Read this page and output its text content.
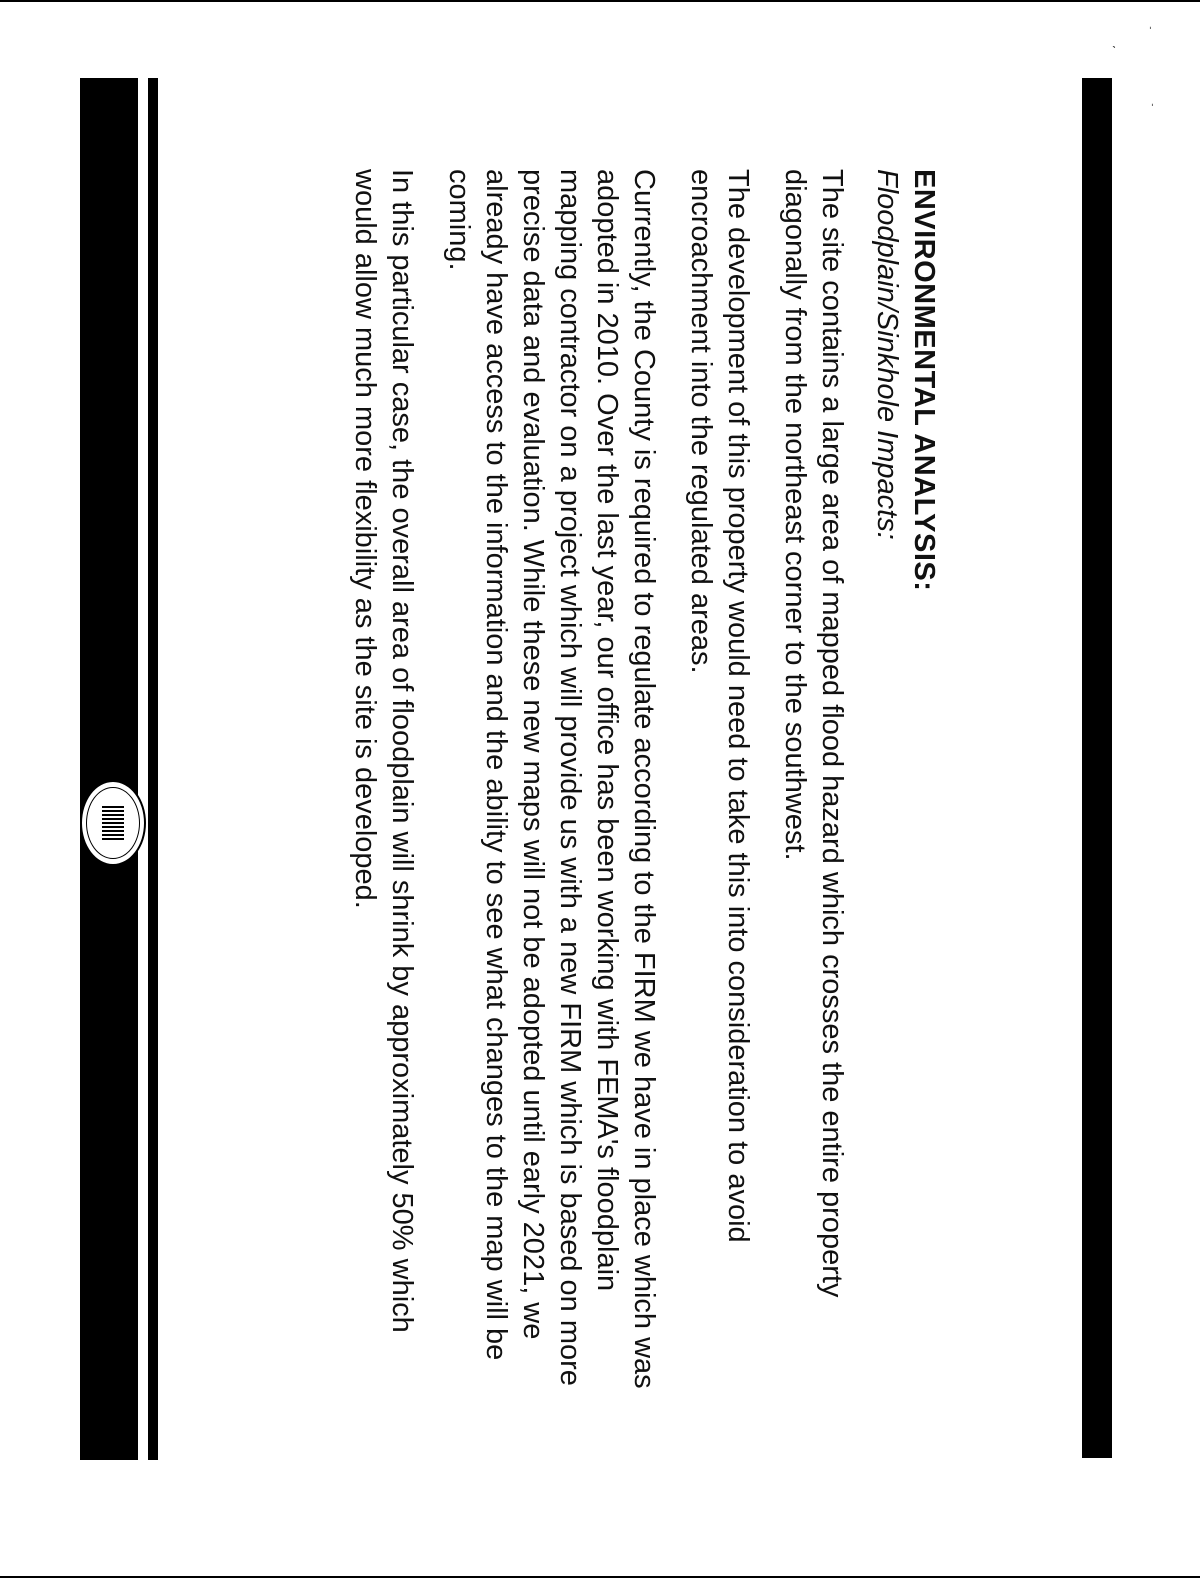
ˎ ˈ
ˌ
ENVIRONMENTAL ANALYSIS:
Floodplain/Sinkhole Impacts:

The site contains a large area of mapped flood hazard which crosses the entire property diagonally from the northeast corner to the southwest.

The development of this property would need to take this into consideration to avoid encroachment into the regulated areas.

Currently, the County is required to regulate according to the FIRM we have in place which was adopted in 2010. Over the last year, our office has been working with FEMA's floodplain mapping contractor on a project which will provide us with a new FIRM which is based on more precise data and evaluation. While these new maps will not be adopted until early 2021, we already have access to the information and the ability to see what changes to the map will be coming.

In this particular case, the overall area of floodplain will shrink by approximately 50% which would allow much more flexibility as the site is developed.
